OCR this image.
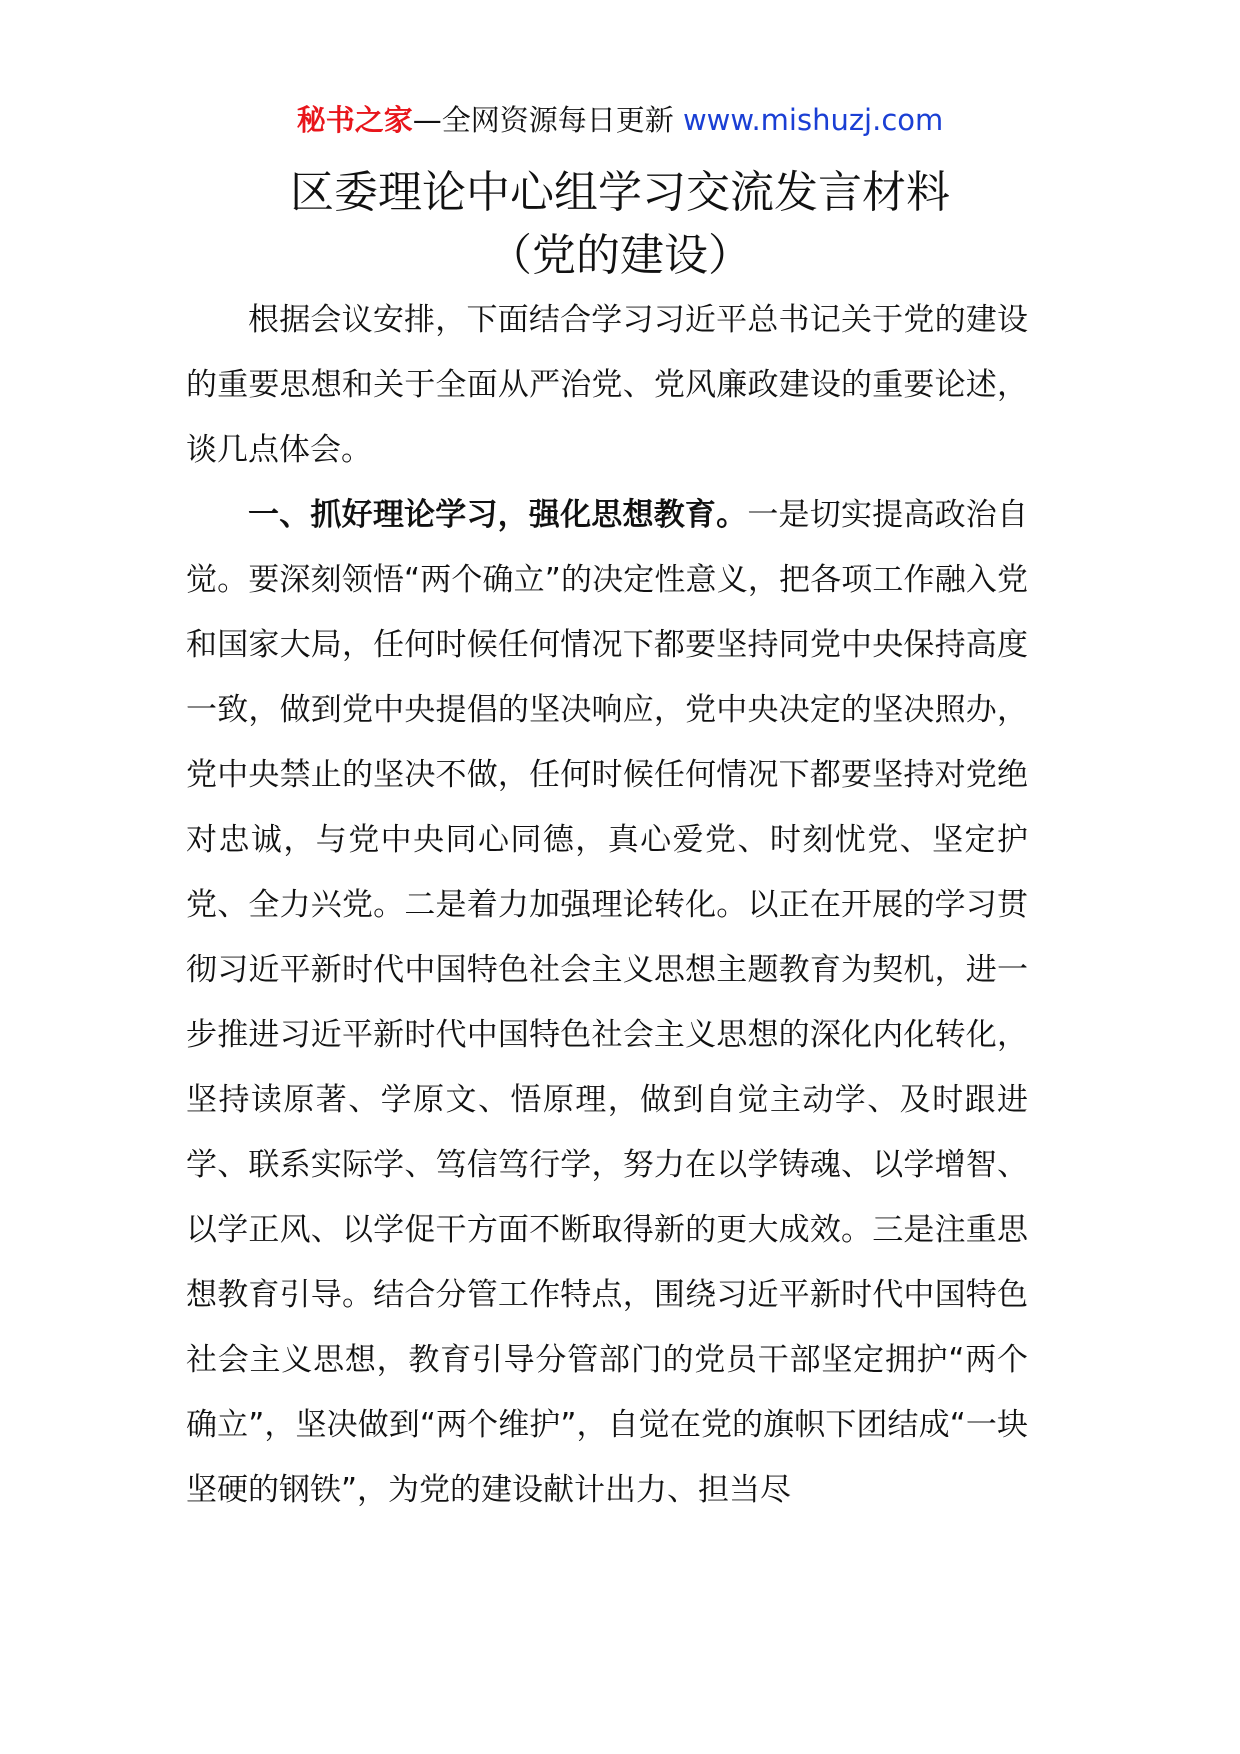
秘书之家—全网资源每日更新 www.mishuzj.com
区委理论中心组学习交流发言材料
（党的建设）

根据会议安排，下面结合学习习近平总书记关于党的建设的重要思想和关于全面从严治党、党风廉政建设的重要论述，谈几点体会。

一、抓好理论学习，强化思想教育。一是切实提高政治自觉。要深刻领悟“两个确立”的决定性意义，把各项工作融入党和国家大局，任何时候任何情况下都要坚持同党中央保持高度一致，做到党中央提倡的坚决响应，党中央决定的坚决照办，党中央禁止的坚决不做，任何时候任何情况下都要坚持对党绝对忠诚，与党中央同心同德，真心爱党、时刻忧党、坚定护党、全力兴党。二是着力加强理论转化。以正在开展的学习贯彻习近平新时代中国特色社会主义思想主题教育为契机，进一步推进习近平新时代中国特色社会主义思想的深化内化转化，坚持读原著、学原文、悟原理，做到自觉主动学、及时跟进学、联系实际学、笃信笃行学，努力在以学铸魂、以学增智、以学正风、以学促干方面不断取得新的更大成效。三是注重思想教育引导。结合分管工作特点，围绕习近平新时代中国特色社会主义思想，教育引导分管部门的党员干部坚定拥护“两个确立”，坚决做到“两个维护”，自觉在党的旗帜下团结成“一块坚硬的钢铁”，为党的建设献计出力、担当尽
